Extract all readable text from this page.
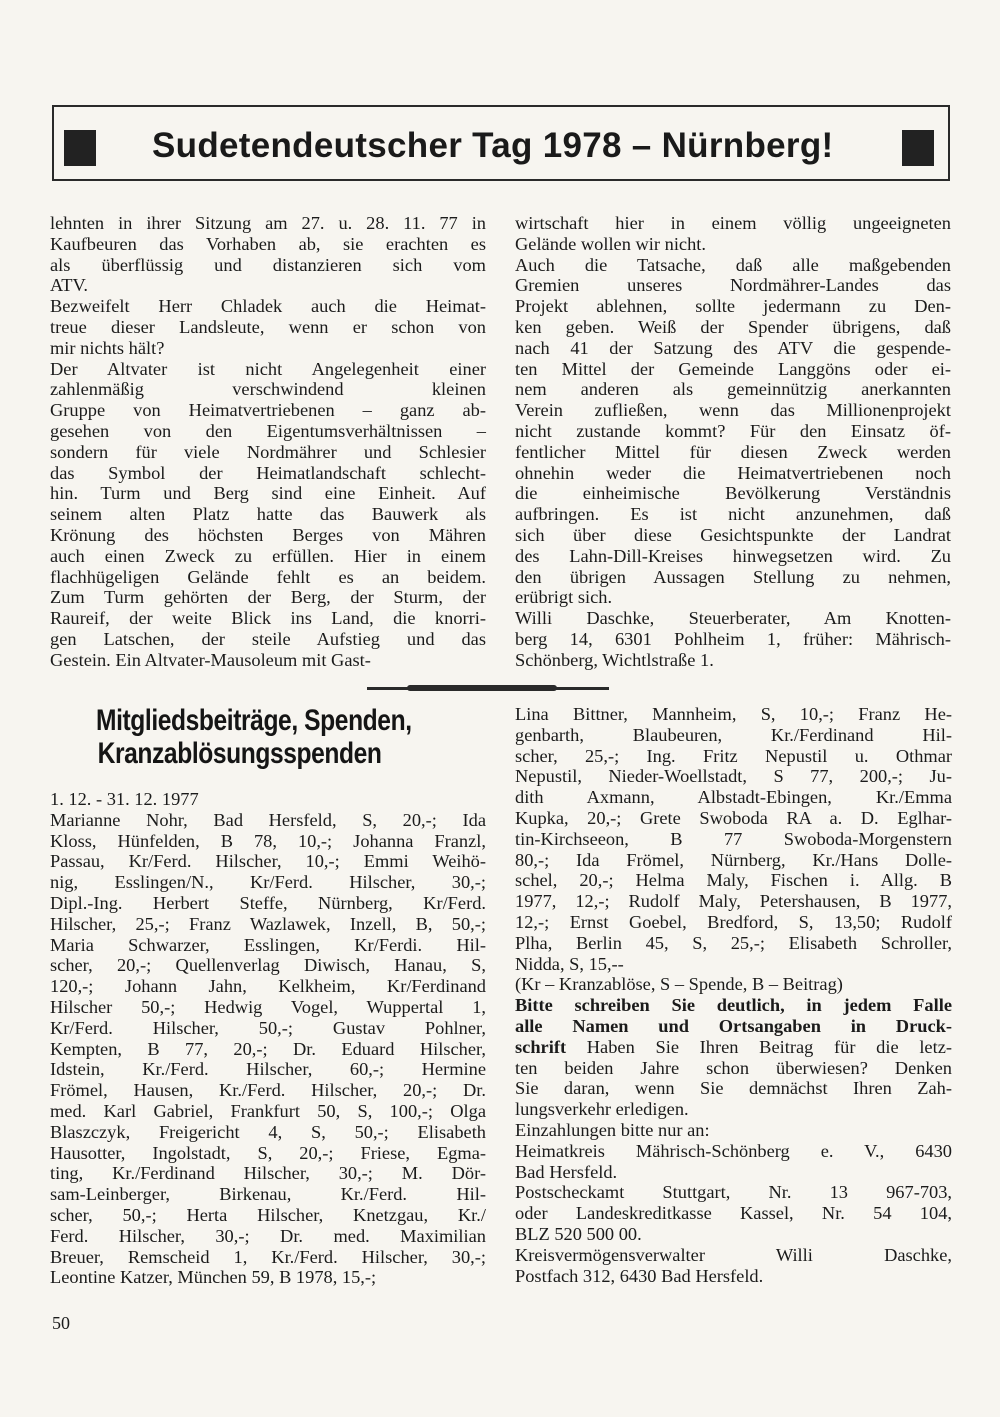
Sudetendeutscher Tag 1978 – Nürnberg!

lehnten in ihrer Sitzung am 27. u. 28. 11. 77 in

Kaufbeuren das Vorhaben ab, sie erachten es

als überflüssig und distanzieren sich vom

ATV.

Bezweifelt Herr Chladek auch die Heimat-

treue dieser Landsleute, wenn er schon von

mir nichts hält?

Der Altvater ist nicht Angelegenheit einer

zahlenmäßig verschwindend kleinen

Gruppe von Heimatvertriebenen – ganz ab-

gesehen von den Eigentumsverhältnissen –

sondern für viele Nordmährer und Schlesier

das Symbol der Heimatlandschaft schlecht-

hin. Turm und Berg sind eine Einheit. Auf

seinem alten Platz hatte das Bauwerk als

Krönung des höchsten Berges von Mähren

auch einen Zweck zu erfüllen. Hier in einem

flachhügeligen Gelände fehlt es an beidem.

Zum Turm gehörten der Berg, der Sturm, der

Raureif, der weite Blick ins Land, die knorri-

gen Latschen, der steile Aufstieg und das

Gestein. Ein Altvater-Mausoleum mit Gast-

wirtschaft hier in einem völlig ungeeigneten

Gelände wollen wir nicht.

Auch die Tatsache, daß alle maßgebenden

Gremien unseres Nordmährer-Landes das

Projekt ablehnen, sollte jedermann zu Den-

ken geben. Weiß der Spender übrigens, daß

nach 41 der Satzung des ATV die gespende-

ten Mittel der Gemeinde Langgöns oder ei-

nem anderen als gemeinnützig anerkannten

Verein zufließen, wenn das Millionenprojekt

nicht zustande kommt? Für den Einsatz öf-

fentlicher Mittel für diesen Zweck werden

ohnehin weder die Heimatvertriebenen noch

die einheimische Bevölkerung Verständnis

aufbringen. Es ist nicht anzunehmen, daß

sich über diese Gesichtspunkte der Landrat

des Lahn-Dill-Kreises hinwegsetzen wird. Zu

den übrigen Aussagen Stellung zu nehmen,

erübrigt sich.

Willi Daschke, Steuerberater, Am Knotten-

berg 14, 6301 Pohlheim 1, früher: Mährisch-

Schönberg, Wichtlstraße 1.

Mitgliedsbeiträge, Spenden,
Kranzablösungsspenden

1. 12. - 31. 12. 1977

Marianne Nohr, Bad Hersfeld, S, 20,-; Ida

Kloss, Hünfelden, B 78, 10,-; Johanna Franzl,

Passau, Kr/Ferd. Hilscher, 10,-; Emmi Weihö-

nig, Esslingen/N., Kr/Ferd. Hilscher, 30,-;

Dipl.-Ing. Herbert Steffe, Nürnberg, Kr/Ferd.

Hilscher, 25,-; Franz Wazlawek, Inzell, B, 50,-;

Maria Schwarzer, Esslingen, Kr/Ferdi. Hil-

scher, 20,-; Quellenverlag Diwisch, Hanau, S,

120,-; Johann Jahn, Kelkheim, Kr/Ferdinand

Hilscher 50,-; Hedwig Vogel, Wuppertal 1,

Kr/Ferd. Hilscher, 50,-; Gustav Pohlner,

Kempten, B 77, 20,-; Dr. Eduard Hilscher,

Idstein, Kr./Ferd. Hilscher, 60,-; Hermine

Frömel, Hausen, Kr./Ferd. Hilscher, 20,-; Dr.

med. Karl Gabriel, Frankfurt 50, S, 100,-; Olga

Blaszczyk, Freigericht 4, S, 50,-; Elisabeth

Hausotter, Ingolstadt, S, 20,-; Friese, Egma-

ting, Kr./Ferdinand Hilscher, 30,-; M. Dör-

sam-Leinberger, Birkenau, Kr./Ferd. Hil-

scher, 50,-; Herta Hilscher, Knetzgau, Kr./

Ferd. Hilscher, 30,-; Dr. med. Maximilian

Breuer, Remscheid 1, Kr./Ferd. Hilscher, 30,-;

Leontine Katzer, München 59, B 1978, 15,-;

Lina Bittner, Mannheim, S, 10,-; Franz He-

genbarth, Blaubeuren, Kr./Ferdinand Hil-

scher, 25,-; Ing. Fritz Nepustil u. Othmar

Nepustil, Nieder-Woellstadt, S 77, 200,-; Ju-

dith Axmann, Albstadt-Ebingen, Kr./Emma

Kupka, 20,-; Grete Swoboda RA a. D. Eglhar-

tin-Kirchseeon, B 77 Swoboda-Morgenstern

80,-; Ida Frömel, Nürnberg, Kr./Hans Dolle-

schel, 20,-; Helma Maly, Fischen i. Allg. B

1977, 12,-; Rudolf Maly, Petershausen, B 1977,

12,-; Ernst Goebel, Bredford, S, 13,50; Rudolf

Plha, Berlin 45, S, 25,-; Elisabeth Schroller,

Nidda, S, 15,--

(Kr – Kranzablöse, S – Spende, B – Beitrag)

Bitte schreiben Sie deutlich, in jedem Falle

alle Namen und Ortsangaben in Druck-

schrift Haben Sie Ihren Beitrag für die letz-

ten beiden Jahre schon überwiesen? Denken

Sie daran, wenn Sie demnächst Ihren Zah-

lungsverkehr erledigen.

Einzahlungen bitte nur an:

Heimatkreis Mährisch-Schönberg e. V., 6430

Bad Hersfeld.

Postscheckamt Stuttgart, Nr. 13 967-703,

oder Landeskreditkasse Kassel, Nr. 54 104,

BLZ 520 500 00.

Kreisvermögensverwalter Willi Daschke,

Postfach 312, 6430 Bad Hersfeld.

50
